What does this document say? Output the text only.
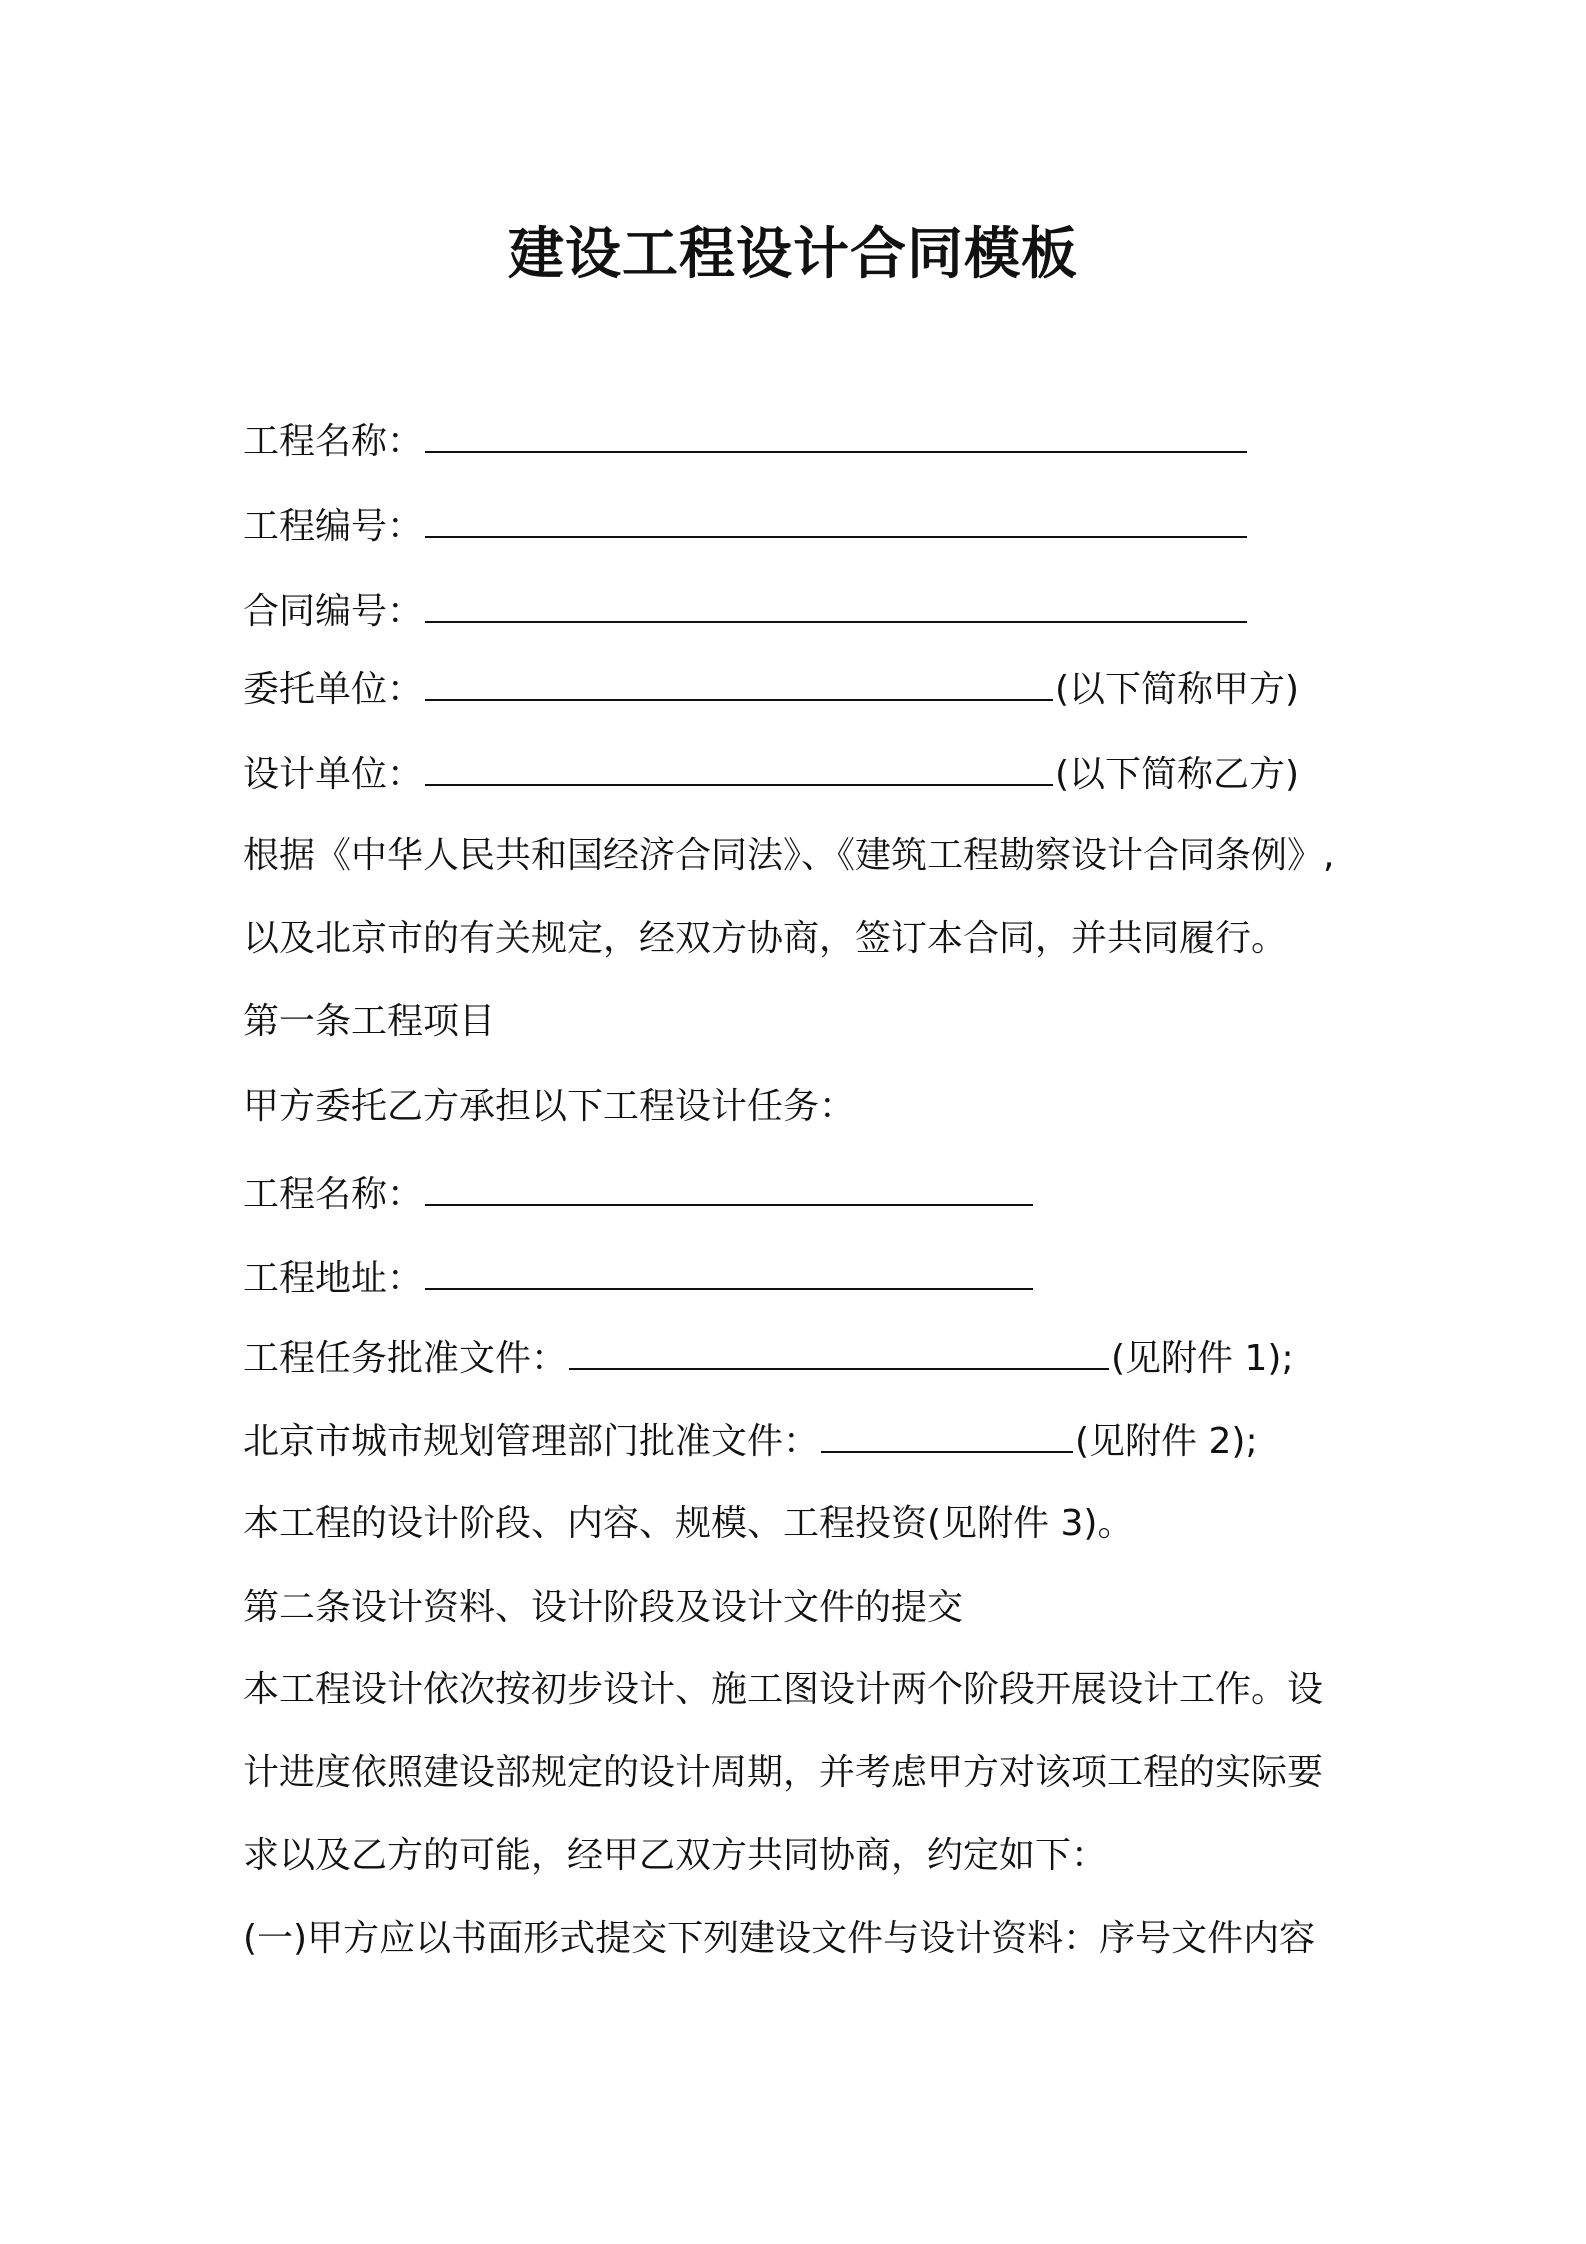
建设工程设计合同模板
工程名称：
工程编号：
合同编号：
委托单位：	(以下简称甲方)
设计单位：	(以下简称乙方)
根据《中华人民共和国经济合同法》、《建筑工程勘察设计合同条例》,
以及北京市的有关规定，经双方协商，签订本合同，并共同履行。
第一条工程项目
甲方委托乙方承担以下工程设计任务：
工程名称：
工程地址：
工程任务批准文件：	(见附件 1);
北京市城市规划管理部门批准文件：	(见附件 2);
本工程的设计阶段、内容、规模、工程投资(见附件 3)。
第二条设计资料、设计阶段及设计文件的提交
本工程设计依次按初步设计、施工图设计两个阶段开展设计工作。设
计进度依照建设部规定的设计周期，并考虑甲方对该项工程的实际要
求以及乙方的可能，经甲乙双方共同协商，约定如下：
(一)甲方应以书面形式提交下列建设文件与设计资料：序号文件内容
